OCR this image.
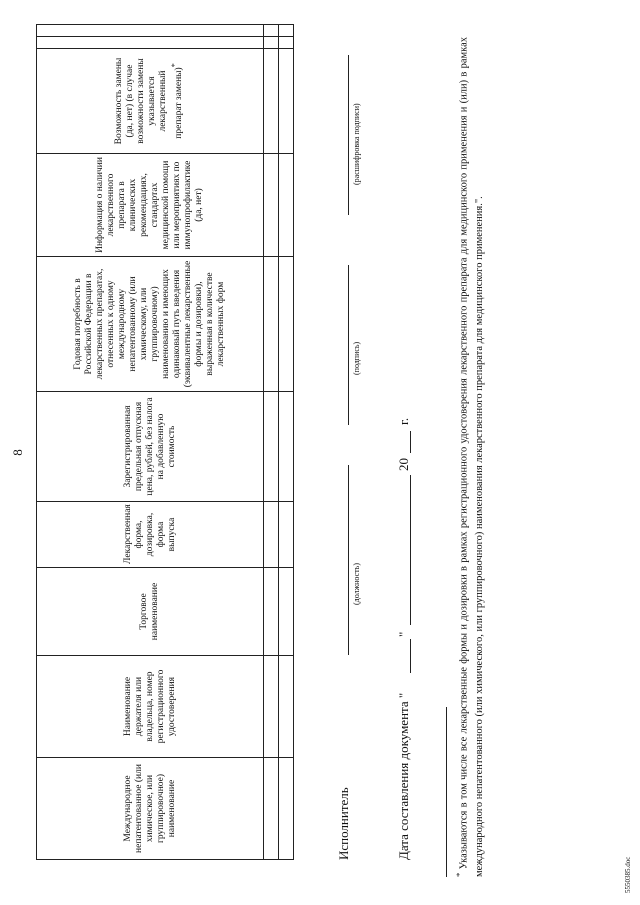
8
Международное непатентованное (или химическое, или группировочное) наименование	Наименование держателя или владельца, номер регистрационного удостоверения	Торговое наименование	Лекарственная форма, дозировка, форма выпуска	Зарегистрированная предельная отпускная цена, рублей, без налога на добавленную стоимость	Годовая потребность в Российской Федерации в лекарственных препаратах, отнесенных к одному международному непатентованному (или химическому, или группировочному) наименованию и имеющих одинаковый путь введения (эквивалентные лекарственные формы и дозировки), выраженная в количестве лекарственных форм	Информация о наличии лекарственного препарата в клинических рекомендациях, стандартах медицинской помощи или мероприятиях по иммунопрофилактике (да, нет)	Возможность замены (да, нет) (в случае возможности замены указывается лекарственный препарат замены)*		

Исполнитель
(должность)
(подпись)
(расшифровка подписи)
Дата составления документа "
"
20
г.
* Указываются в том числе все лекарственные формы и дозировки в рамках регистрационного удостоверения лекарственного препарата для медицинского применения и (или) в рамках международного непатентованного (или химического, или группировочного) наименования лекарственного препарата для медицинского применения.".	5550385.doc
